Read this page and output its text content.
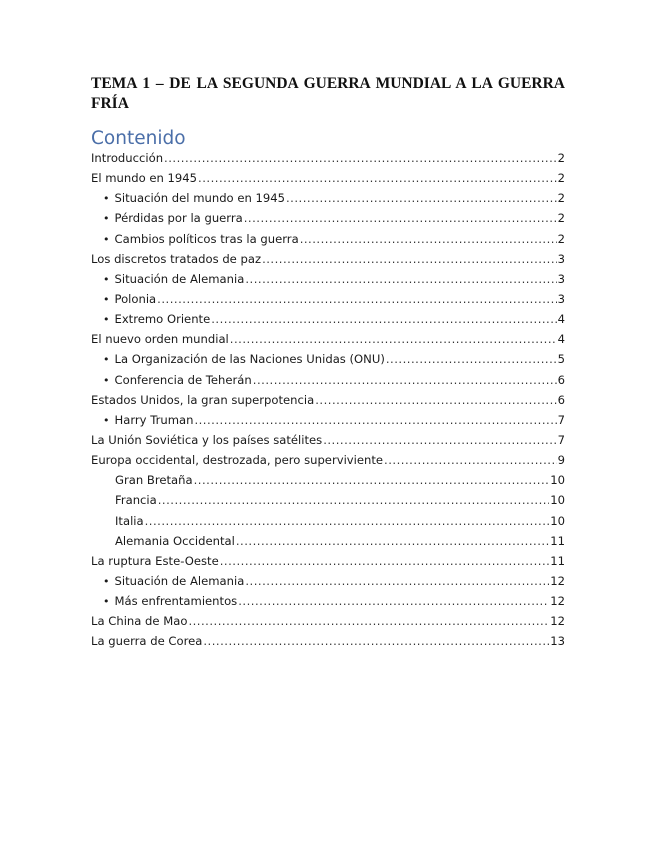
TEMA 1 – DE LA SEGUNDA GUERRA MUNDIAL A LA GUERRA FRÍA
Contenido
Introducción .....	2
El mundo en 1945 .....	2
• Situación del mundo en 1945 .....	2
• Pérdidas por la guerra .....	2
• Cambios políticos tras la guerra .....	2
Los discretos tratados de paz .....	3
• Situación de Alemania .....	3
• Polonia .....	3
• Extremo Oriente .....	4
El nuevo orden mundial .....	4
• La Organización de las Naciones Unidas (ONU) .....	5
• Conferencia de Teherán .....	6
Estados Unidos, la gran superpotencia .....	6
• Harry Truman .....	7
La Unión Soviética y los países satélites .....	7
Europa occidental, destrozada, pero superviviente .....	9
Gran Bretaña .....	10
Francia .....	10
Italia .....	10
Alemania Occidental .....	11
La ruptura Este-Oeste .....	11
• Situación de Alemania .....	12
• Más enfrentamientos .....	12
La China de Mao .....	12
La guerra de Corea .....	13
